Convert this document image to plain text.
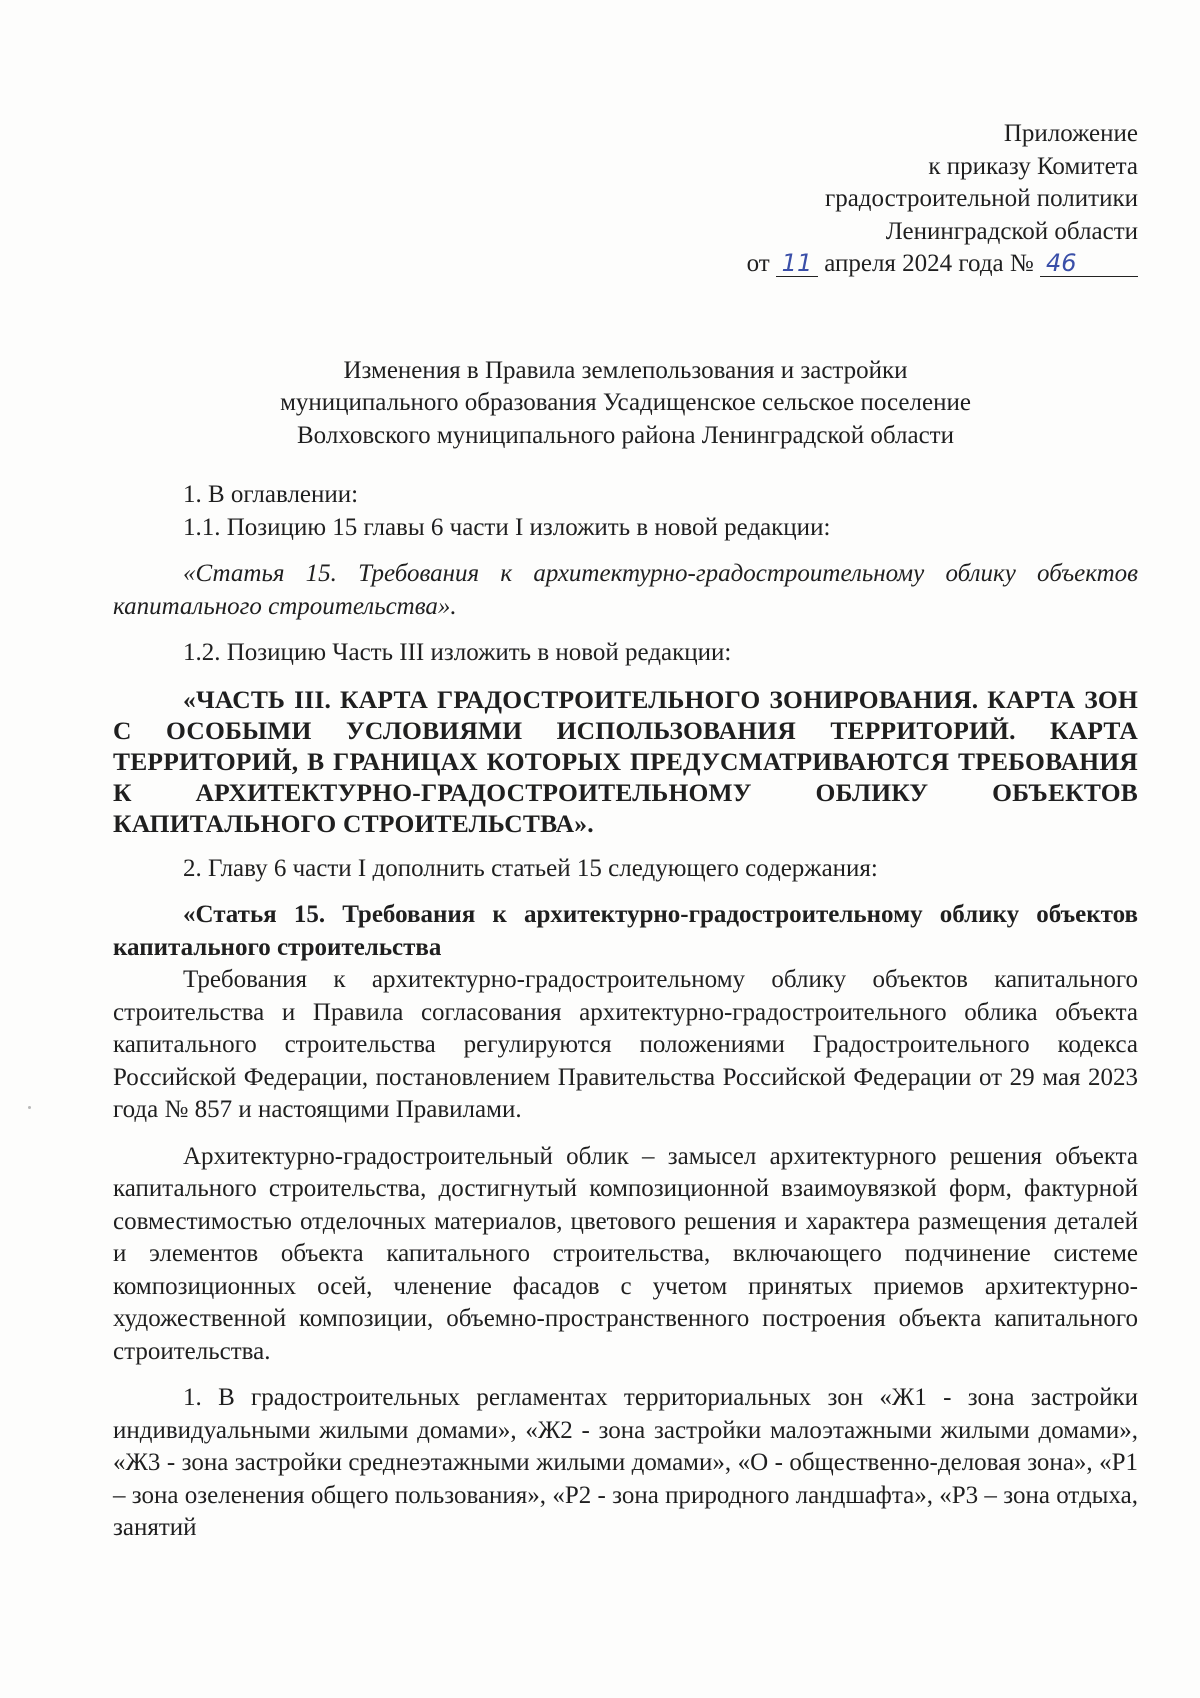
Приложение
к приказу Комитета
градостроительной политики
Ленинградской области
от 11 апреля 2024 года № 46
Изменения в Правила землепользования и застройки
муниципального образования Усадищенское сельское поселение
Волховского муниципального района Ленинградской области

1. В оглавлении:

1.1. Позицию 15 главы 6 части I изложить в новой редакции:

«Статья 15. Требования к архитектурно-градостроительному облику объектов капитального строительства».

1.2. Позицию Часть III изложить в новой редакции:

«ЧАСТЬ III. КАРТА ГРАДОСТРОИТЕЛЬНОГО ЗОНИРОВАНИЯ. КАРТА ЗОН С ОСОБЫМИ УСЛОВИЯМИ ИСПОЛЬЗОВАНИЯ ТЕРРИТОРИЙ. КАРТА ТЕРРИТОРИЙ, В ГРАНИЦАХ КОТОРЫХ ПРЕДУСМАТРИВАЮТСЯ ТРЕБОВАНИЯ К АРХИТЕКТУРНО-ГРАДОСТРОИТЕЛЬНОМУ ОБЛИКУ ОБЪЕКТОВ КАПИТАЛЬНОГО СТРОИТЕЛЬСТВА».

2. Главу 6 части I дополнить статьей 15 следующего содержания:

«Статья 15. Требования к архитектурно-градостроительному облику объектов капитального строительства

Требования к архитектурно-градостроительному облику объектов капитального строительства и Правила согласования архитектурно-градостроительного облика объекта капитального строительства регулируются положениями Градостроительного кодекса Российской Федерации, постановлением Правительства Российской Федерации от 29 мая 2023 года № 857 и настоящими Правилами.

Архитектурно-градостроительный облик – замысел архитектурного решения объекта капитального строительства, достигнутый композиционной взаимоувязкой форм, фактурной совместимостью отделочных материалов, цветового решения и характера размещения деталей и элементов объекта капитального строительства, включающего подчинение системе композиционных осей, членение фасадов с учетом принятых приемов архитектурно-художественной композиции, объемно-пространственного построения объекта капитального строительства.

1. В градостроительных регламентах территориальных зон «Ж1 - зона застройки индивидуальными жилыми домами», «Ж2 - зона застройки малоэтажными жилыми домами», «Ж3 - зона застройки среднеэтажными жилыми домами», «О - общественно-деловая зона», «Р1 – зона озеленения общего пользования», «Р2 - зона природного ландшафта», «Р3 – зона отдыха, занятий
